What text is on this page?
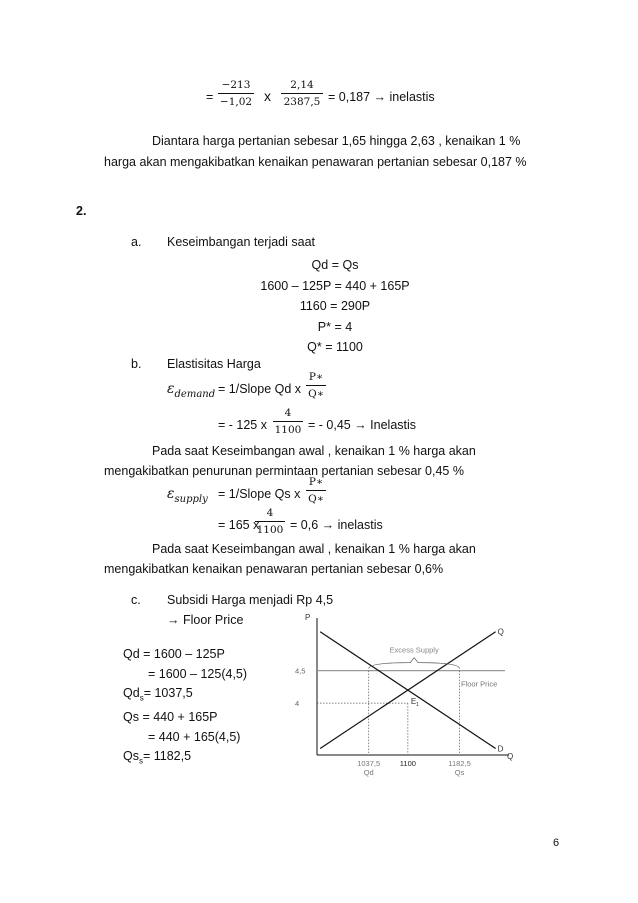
=
−213
−1,02 x
2,14
2387,5 = 0,187 → inelastis
Diantara harga pertanian sebesar 1,65 hingga 2,63 , kenaikan 1 %
harga akan mengakibatkan kenaikan penawaran pertanian sebesar 0,187 %
2.
a. Keseimbangan terjadi saat
Qd = Qs
1600 – 125P = 440 + 165P
1160 = 290P
P* = 4
Q* = 1100
b. Elastisitas Harga
$\varepsilon_{demand}$ = 1/Slope Qd x
P∗
Q∗
= - 125 x
4
1100 = - 0,45 → Inelastis
Pada saat Keseimbangan awal , kenaikan 1 % harga akan
mengakibatkan penurunan permintaan pertanian sebesar 0,45 %
$\varepsilon_{supply}$ = 1/Slope Qs x
P∗
Q∗
= 165 x
4
1100 = 0,6 → inelastis
Pada saat Keseimbangan awal , kenaikan 1 % harga akan
mengakibatkan kenaikan penawaran pertanian sebesar 0,6%
c. Subsidi Harga menjadi Rp 4,5
→ Floor Price
Qd = 1600 – 125P
= 1600 – 125(4,5)
$Qd_s= 1037,5$
Qs = 440 + 165P
= 440 + 165(4,5)
$Qs_s= 1182,5$
P
Q
Floor Price
Q
D
E 1
Excess Supply
4,5
4
1037,5
Qd
1100	1182,5
Qs
6
